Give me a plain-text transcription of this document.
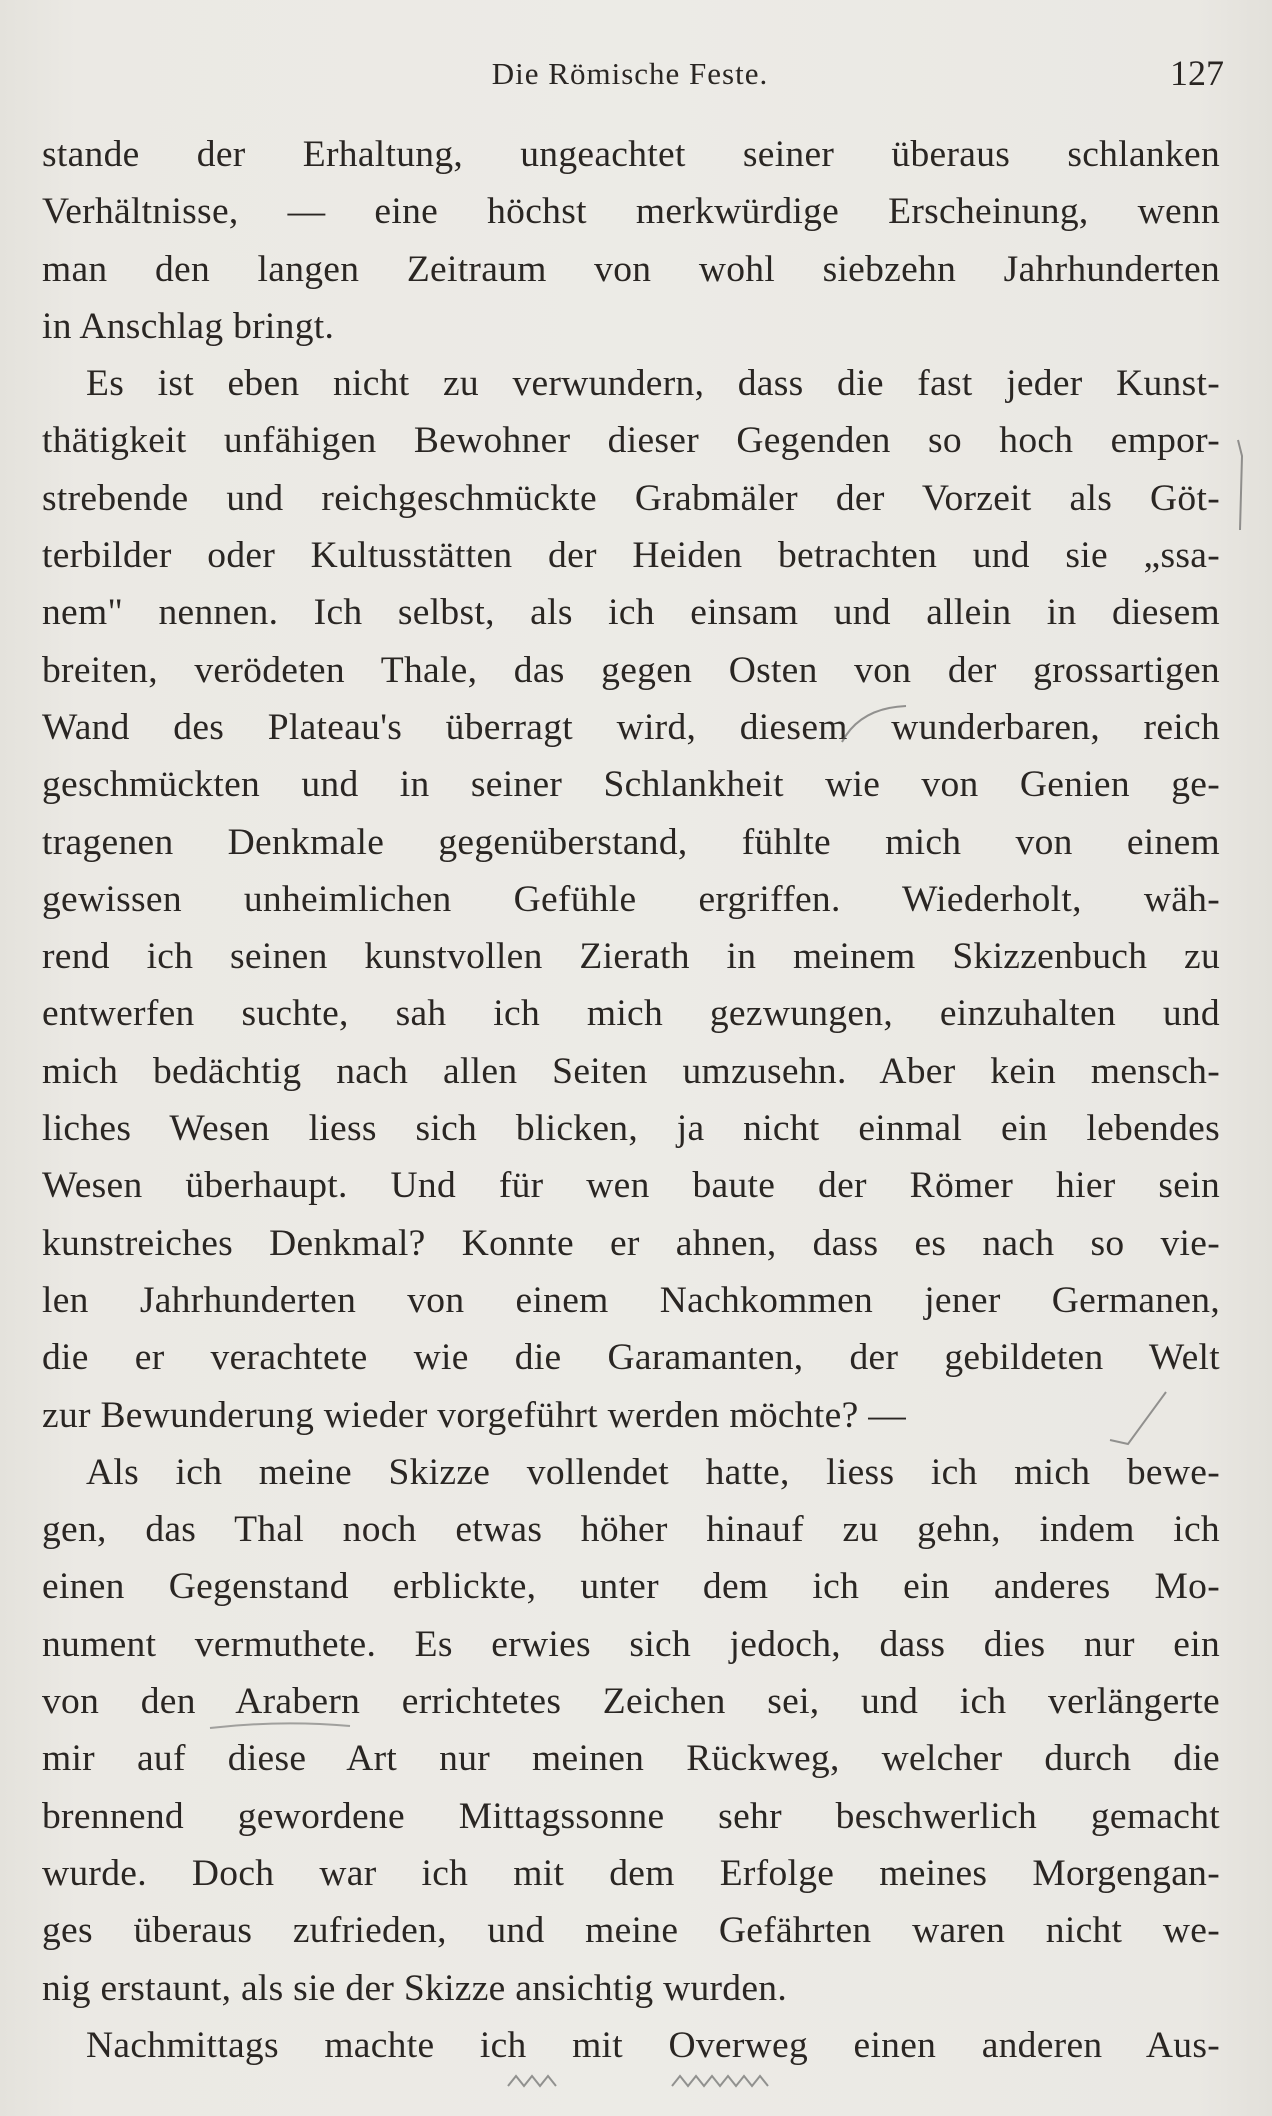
Die Römische Feste.	127
stande der Erhaltung, ungeachtet seiner überaus schlanken
Verhältnisse, — eine höchst merkwürdige Erscheinung, wenn
man den langen Zeitraum von wohl siebzehn Jahrhunderten
in Anschlag bringt.
Es ist eben nicht zu verwundern, dass die fast jeder Kunst-
thätigkeit unfähigen Bewohner dieser Gegenden so hoch empor-
strebende und reichgeschmückte Grabmäler der Vorzeit als Göt-
terbilder oder Kultusstätten der Heiden betrachten und sie „ssa-
nem" nennen. Ich selbst, als ich einsam und allein in diesem
breiten, verödeten Thale, das gegen Osten von der grossartigen
Wand des Plateau's überragt wird, diesem wunderbaren, reich
geschmückten und in seiner Schlankheit wie von Genien ge-
tragenen Denkmale gegenüberstand, fühlte mich von einem
gewissen unheimlichen Gefühle ergriffen. Wiederholt, wäh-
rend ich seinen kunstvollen Zierath in meinem Skizzenbuch zu
entwerfen suchte, sah ich mich gezwungen, einzuhalten und
mich bedächtig nach allen Seiten umzusehn. Aber kein mensch-
liches Wesen liess sich blicken, ja nicht einmal ein lebendes
Wesen überhaupt. Und für wen baute der Römer hier sein
kunstreiches Denkmal? Konnte er ahnen, dass es nach so vie-
len Jahrhunderten von einem Nachkommen jener Germanen,
die er verachtete wie die Garamanten, der gebildeten Welt
zur Bewunderung wieder vorgeführt werden möchte? —
Als ich meine Skizze vollendet hatte, liess ich mich bewe-
gen, das Thal noch etwas höher hinauf zu gehn, indem ich
einen Gegenstand erblickte, unter dem ich ein anderes Mo-
nument vermuthete. Es erwies sich jedoch, dass dies nur ein
von den Arabern errichtetes Zeichen sei, und ich verlängerte
mir auf diese Art nur meinen Rückweg, welcher durch die
brennend gewordene Mittagssonne sehr beschwerlich gemacht
wurde. Doch war ich mit dem Erfolge meines Morgengan-
ges überaus zufrieden, und meine Gefährten waren nicht we-
nig erstaunt, als sie der Skizze ansichtig wurden.
Nachmittags machte ich mit Overweg einen anderen Aus-
